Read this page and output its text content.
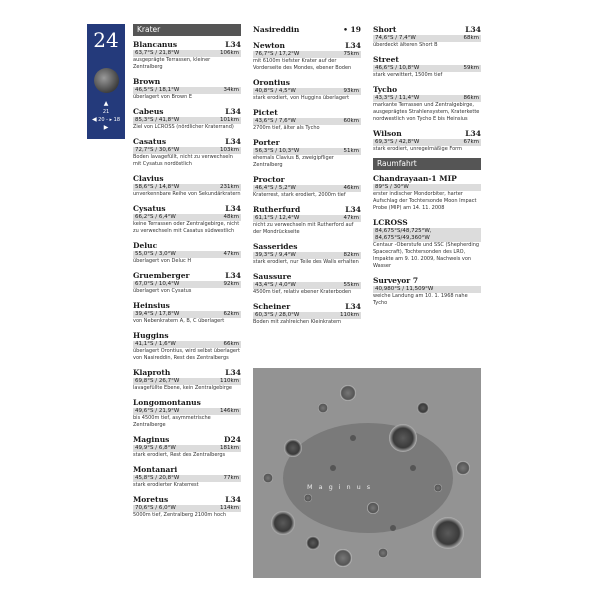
24
▲
21
◀ 20 - ▸ 18 ▶
Krater
Blancanus	L34
63,7°S / 21,8°W	106km
ausgeprägte Terrassen, kleiner Zentralberg
Brown
46,5°S / 18,1°W	34km
überlagert von Brown E
Cabeus	L34
85,3°S / 41,8°W	101km
Ziel von LCROSS (nördlicher Kraterrand)
Casatus	L34
72,7°S / 30,6°W	103km
Boden lavagefüllt, nicht zu verwechseln mit Cysatus nordöstlich
Clavius
58,6°S / 14,8°W	231km
unverkennbare Reihe von Sekundärkratern
Cysatus	L34
66,2°S / 6,4°W	48km
keine Terrassen oder Zentralgebirge, nicht zu verwechseln mit Casatus südwestlich
Deluc
55,0°S / 3,0°W	47km
überlagert von Deluc H
Gruemberger	L34
67,0°S / 10,4°W	92km
überlagert von Cysatus
Heinsius
39,4°S / 17,8°W	62km
von Nebenkratern A, B, C überlagert
Huggins
41,1°S / 1,6°W	66km
überlagert Orontius, wird selbst überlagert von Nasireddin, Rest des Zentralbergs
Klaproth	L34
69,8°S / 26,7°W	110km
lavagefüllte Ebene, kein Zentralgebirge
Longomontanus
49,6°S / 21,9°W	146km
bis 4500m tief, asymmetrische Zentralberge
Maginus	D24
49,9°S / 6,8°W	181km
stark erodiert, Rest des Zentralbergs
Montanari
45,8°S / 20,8°W	77km
stark erodierter Kraterrest
Moretus	L34
70,6°S / 6,0°W	114km
5000m tief, Zentralberg 2100m hoch
Nasireddin	• 19
Newton	L34
76,7°S / 17,2°W	75km
mit 6100m tiefster Krater auf der Vorderseite des Mondes, ebener Boden
Orontius
40,8°S / 4,5°W	93km
stark erodiert, von Huggins überlagert
Pictet
43,6°S / 7,6°W	60km
2700m tief, älter als Tycho
Porter
56,3°S / 10,3°W	51km
ehemals Clavius B, zweigipfliger Zentralberg
Proctor
46,4°S / 5,2°W	46km
Kraterrest, stark erodiert, 2000m tief
Rutherfurd	L34
61,1°S / 12,4°W	47km
nicht zu verwechseln mit Rutherford auf der Mondrückseite
Sasserides
39,3°S / 9,4°W	82km
stark erodiert, nur Teile des Walls erhalten
Saussure
43,4°S / 4,0°W	55km
4500m tief, relativ ebener Kraterboden
Scheiner	L34
60,3°S / 28,0°W	110km
Boden mit zahlreichen Kleinkratern
Short	L34
74,6°S / 7,4°W	68km
überdeckt älteren Short B
Street
46,6°S / 10,8°W	59km
stark verwittert, 1500m tief
Tycho
43,3°S / 11,4°W	86km
markante Terrassen und Zentralgebirge, ausgeprägtes Strahlensystem, Kraterkette nordwestlich von Tycho E bis Heinsius
Wilson	L34
69,3°S / 42,8°W	67km
stark erodiert, unregelmäßige Form
Raumfahrt
Chandrayaan-1 MIP
89°S / 30°W
erster indischer Mondorbiter, harter Aufschlag der Tochtersonde Moon Impact Probe (MIP) am 14. 11. 2008
LCROSS
84,675°S/48,725°W, 84,675°S/49,360°W
Centaur -Oberstufe und SSC (Shepherding Spacecraft), Tochtersonden des LRO, Impakte am 9. 10. 2009, Nachweis von Wasser
Surveyor 7
40,980°S / 11,509°W
weiche Landung am 10. 1. 1968 nahe Tycho
Maginus
